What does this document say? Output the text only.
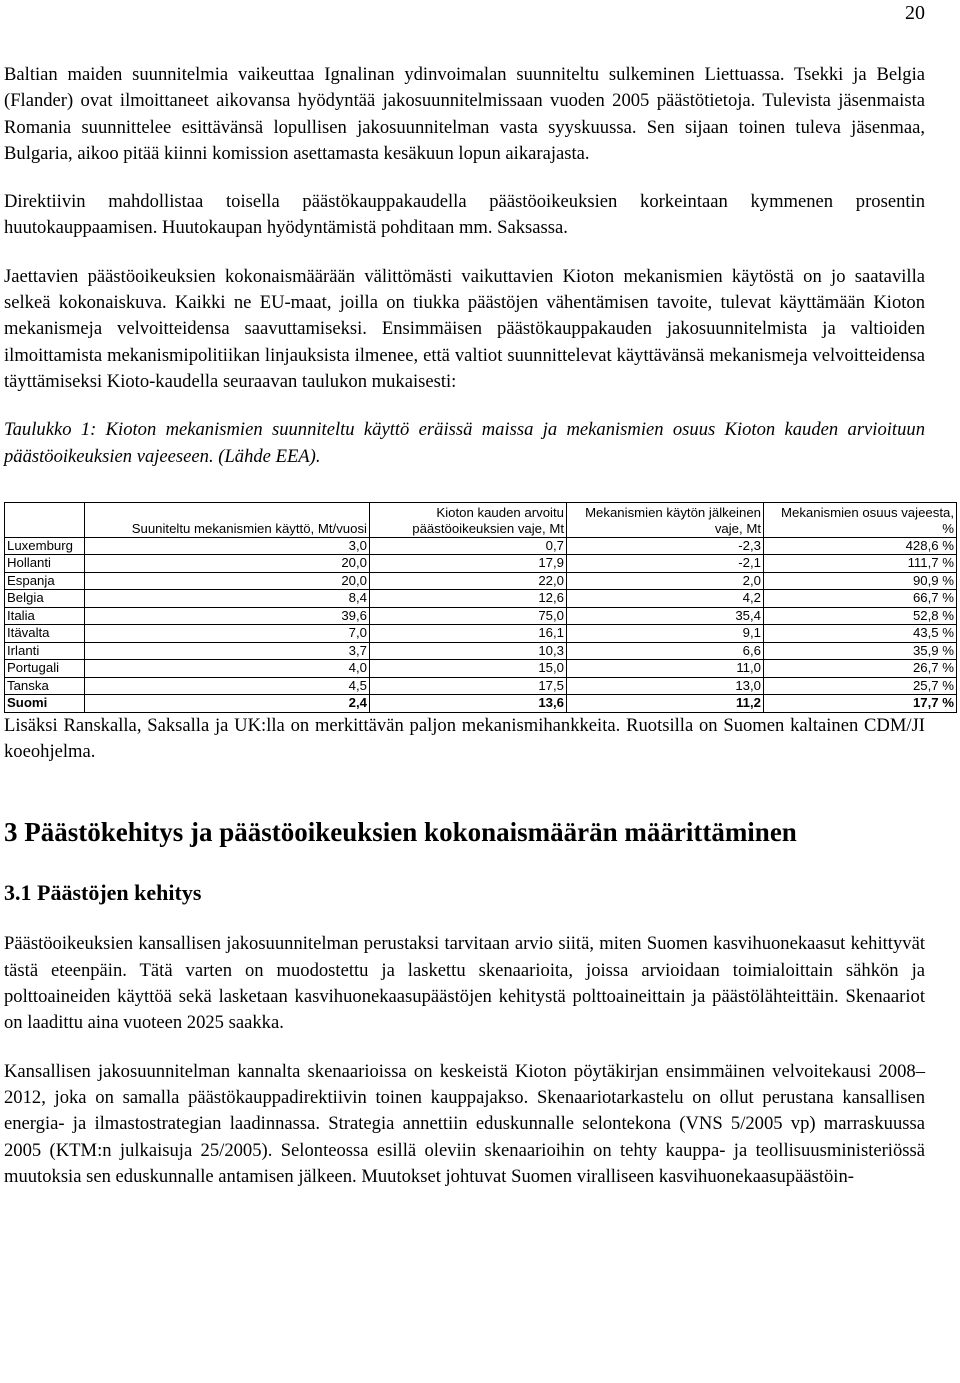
20

Baltian maiden suunnitelmia vaikeuttaa Ignalinan ydinvoimalan suunniteltu sulkeminen Liettuassa. Tsekki ja Belgia (Flander) ovat ilmoittaneet aikovansa hyödyntää jakosuunnitelmissaan vuoden 2005 päästötietoja. Tulevista jäsenmaista Romania suunnittelee esittävänsä lopullisen jakosuunnitelman vasta syyskuussa. Sen sijaan toinen tuleva jäsenmaa, Bulgaria, aikoo pitää kiinni komission asettamasta kesäkuun lopun aikarajasta.

Direktiivin mahdollistaa toisella päästökauppakaudella päästöoikeuksien korkeintaan kymmenen prosentin huutokauppaamisen. Huutokaupan hyödyntämistä pohditaan mm. Saksassa.

Jaettavien päästöoikeuksien kokonaismäärään välittömästi vaikuttavien Kioton mekanismien käytöstä on jo saatavilla selkeä kokonaiskuva. Kaikki ne EU-maat, joilla on tiukka päästöjen vähentämisen tavoite, tulevat käyttämään Kioton mekanismeja velvoitteidensa saavuttamiseksi. Ensimmäisen päästökauppakauden jakosuunnitelmista ja valtioiden ilmoittamista mekanismipolitiikan linjauksista ilmenee, että valtiot suunnittelevat käyttävänsä mekanismeja velvoitteidensa täyttämiseksi Kioto-kaudella seuraavan taulukon mukaisesti:

Taulukko 1: Kioton mekanismien suunniteltu käyttö eräissä maissa ja mekanismien osuus Kioton kauden arvioituun päästöoikeuksien vajeeseen. (Lähde EEA).

	Suuniteltu mekanismien käyttö, Mt/vuosi	Kioton kauden arvoitu päästöoikeuksien vaje, Mt	Mekanismien käytön jälkeinen vaje, Mt	Mekanismien osuus vajeesta, %
Luxemburg	3,0	0,7	-2,3	428,6 %
Hollanti	20,0	17,9	-2,1	111,7 %
Espanja	20,0	22,0	2,0	90,9 %
Belgia	8,4	12,6	4,2	66,7 %
Italia	39,6	75,0	35,4	52,8 %
Itävalta	7,0	16,1	9,1	43,5 %
Irlanti	3,7	10,3	6,6	35,9 %
Portugali	4,0	15,0	11,0	26,7 %
Tanska	4,5	17,5	13,0	25,7 %
Suomi	2,4	13,6	11,2	17,7 %

Lisäksi Ranskalla, Saksalla ja UK:lla on merkittävän paljon mekanismihankkeita. Ruotsilla on Suomen kaltainen CDM/JI koeohjelma.

3 Päästökehitys ja päästöoikeuksien kokonaismäärän määrittäminen
3.1 Päästöjen kehitys

Päästöoikeuksien kansallisen jakosuunnitelman perustaksi tarvitaan arvio siitä, miten Suomen kasvihuonekaasut kehittyvät tästä eteenpäin. Tätä varten on muodostettu ja laskettu skenaarioita, joissa arvioidaan toimialoittain sähkön ja polttoaineiden käyttöä sekä lasketaan kasvihuonekaasupäästöjen kehitystä polttoaineittain ja päästölähteittäin. Skenaariot on laadittu aina vuoteen 2025 saakka.

Kansallisen jakosuunnitelman kannalta skenaarioissa on keskeistä Kioton pöytäkirjan ensimmäinen velvoitekausi 2008–2012, joka on samalla päästökauppadirektiivin toinen kauppajakso. Skenaariotarkastelu on ollut perustana kansallisen energia- ja ilmastostrategian laadinnassa. Strategia annettiin eduskunnalle selontekona (VNS 5/2005 vp) marraskuussa 2005 (KTM:n julkaisuja 25/2005). Selonteossa esillä oleviin skenaarioihin on tehty kauppa- ja teollisuusministeriössä muutoksia sen eduskunnalle antamisen jälkeen. Muutokset johtuvat Suomen viralliseen kasvihuonekaasupäästöin-
